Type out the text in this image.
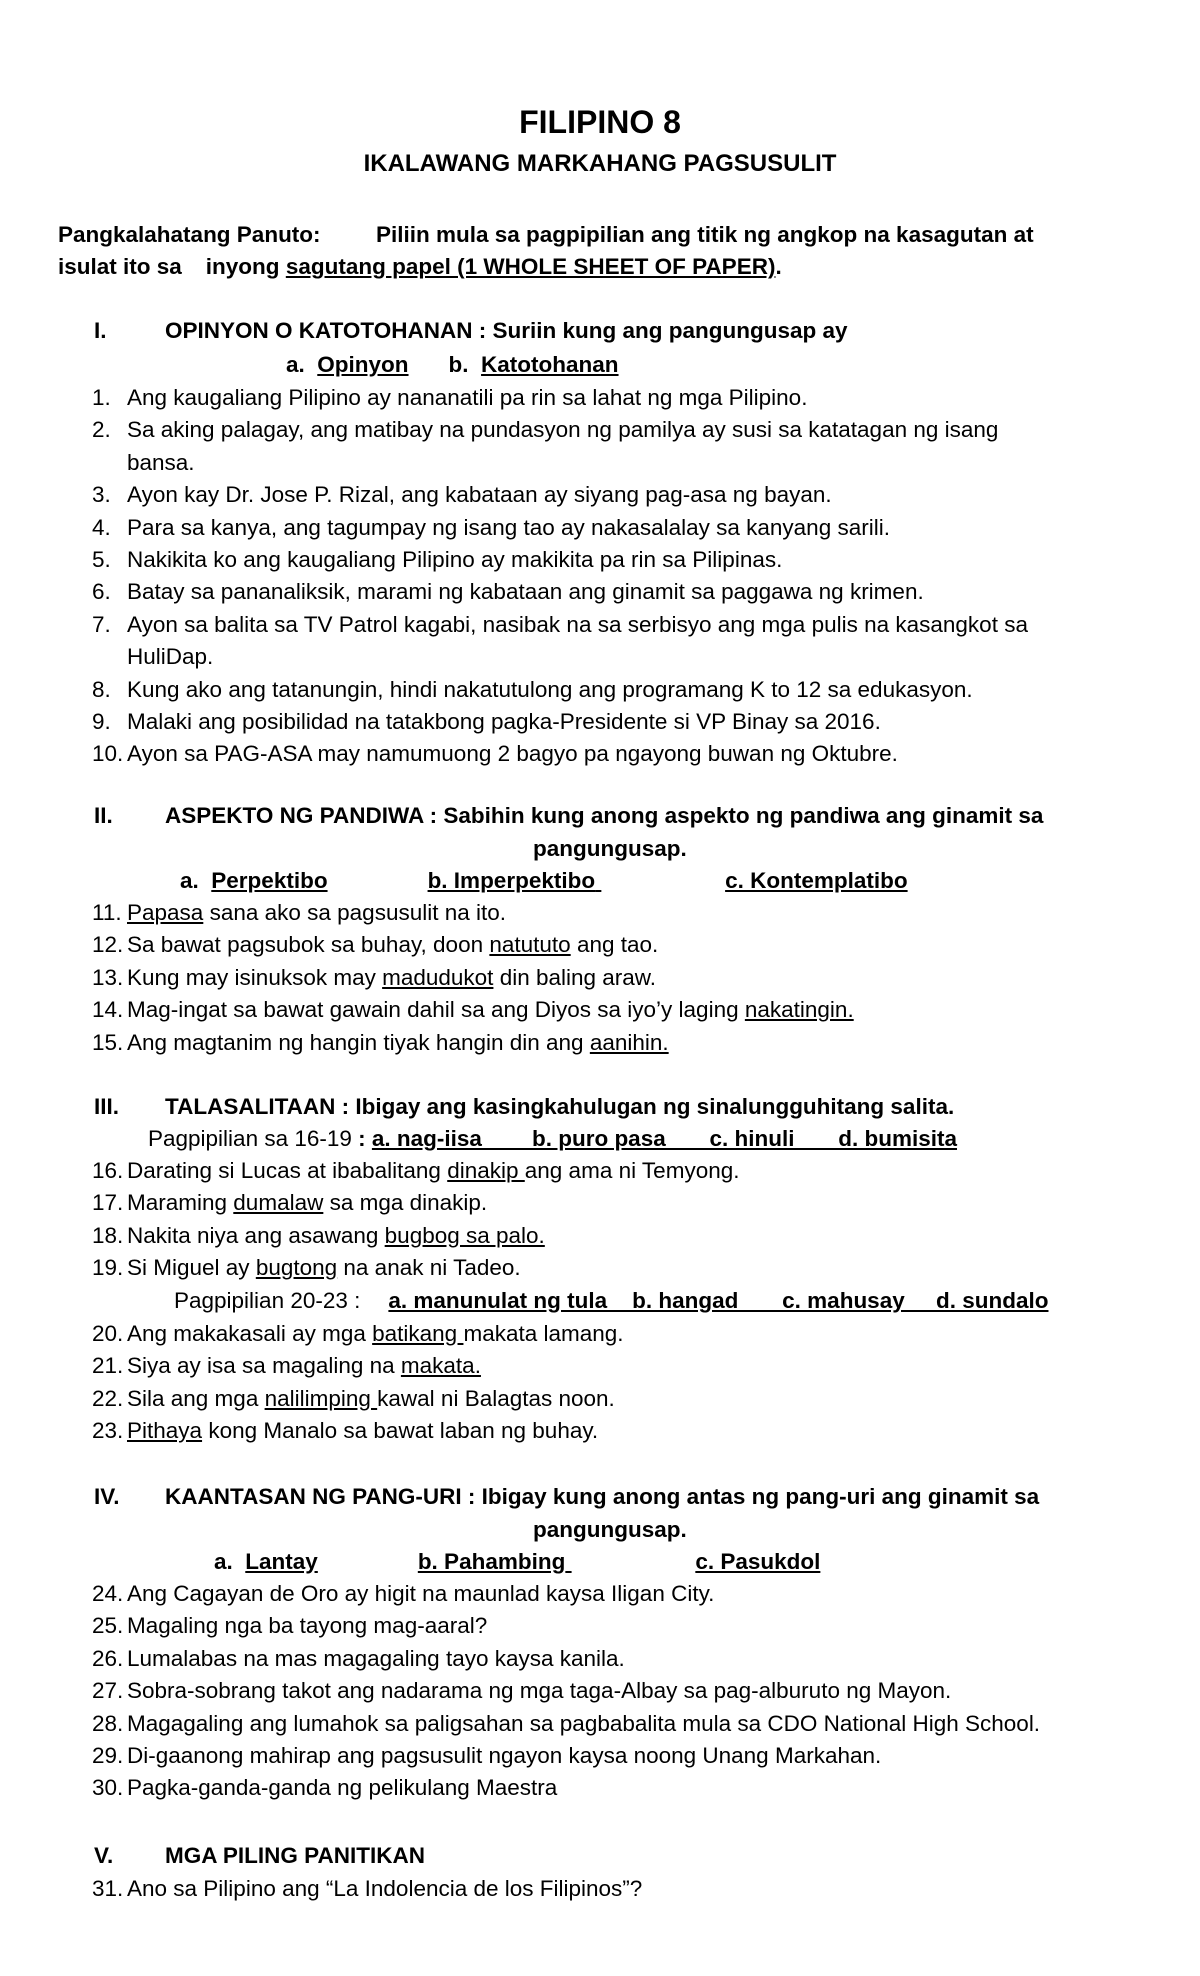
FILIPINO 8
IKALAWANG MARKAHANG PAGSUSULIT
Pangkalahatang Panuto: Piliin mula sa pagpipilian ang titik ng angkop na kasagutan at
isulat ito sa inyong sagutang papel (1 WHOLE SHEET OF PAPER).
I.	OPINYON O KATOTOHANAN : Suriin kung ang pangungusap ay
a. Opinyon b. Katotohanan
1. Ang kaugaliang Pilipino ay nananatili pa rin sa lahat ng mga Pilipino.
2. Sa aking palagay, ang matibay na pundasyon ng pamilya ay susi sa katatagan ng isang
bansa.
3. Ayon kay Dr. Jose P. Rizal, ang kabataan ay siyang pag-asa ng bayan.
4. Para sa kanya, ang tagumpay ng isang tao ay nakasalalay sa kanyang sarili.
5. Nakikita ko ang kaugaliang Pilipino ay makikita pa rin sa Pilipinas.
6. Batay sa pananaliksik, marami ng kabataan ang ginamit sa paggawa ng krimen.
7. Ayon sa balita sa TV Patrol kagabi, nasibak na sa serbisyo ang mga pulis na kasangkot sa
HuliDap.
8. Kung ako ang tatanungin, hindi nakatutulong ang programang K to 12 sa edukasyon.
9. Malaki ang posibilidad na tatakbong pagka-Presidente si VP Binay sa 2016.
10. Ayon sa PAG-ASA may namumuong 2 bagyo pa ngayong buwan ng Oktubre.
II. ASPEKTO NG PANDIWA : Sabihin kung anong aspekto ng pandiwa ang ginamit sa
pangungusap.
a. Perpektibo	b. Imperpektibo	c. Kontemplatibo
11. Papasa sana ako sa pagsusulit na ito.
12. Sa bawat pagsubok sa buhay, doon natututo ang tao.
13. Kung may isinuksok may madudukot din baling araw.
14. Mag-ingat sa bawat gawain dahil sa ang Diyos sa iyo’y laging nakatingin.
15. Ang magtanim ng hangin tiyak hangin din ang aanihin.
III. TALASALITAAN : Ibigay ang kasingkahulugan ng sinalungguhitang salita.
Pagpipilian sa 16-19 : a. nag-iisa        b. puro pasa       c. hinuli       d. bumisita
16. Darating si Lucas at ibabalitang dinakip ang ama ni Temyong.
17. Maraming dumalaw sa mga dinakip.
18. Nakita niya ang asawang bugbog sa palo.
19. Si Miguel ay bugtong na anak ni Tadeo.
Pagpipilian 20-23 : a. manunulat ng tula    b. hangad       c. mahusay     d. sundalo
20. Ang makakasali ay mga batikang makata lamang.
21. Siya ay isa sa magaling na makata.
22. Sila ang mga nalilimping kawal ni Balagtas noon.
23. Pithaya kong Manalo sa bawat laban ng buhay.
IV. KAANTASAN NG PANG-URI : Ibigay kung anong antas ng pang-uri ang ginamit sa
pangungusap.
a. Lantay	b. Pahambing	c. Pasukdol
24. Ang Cagayan de Oro ay higit na maunlad kaysa Iligan City.
25. Magaling nga ba tayong mag-aaral?
26. Lumalabas na mas magagaling tayo kaysa kanila.
27. Sobra-sobrang takot ang nadarama ng mga taga-Albay sa pag-alburuto ng Mayon.
28. Magagaling ang lumahok sa paligsahan sa pagbabalita mula sa CDO National High School.
29. Di-gaanong mahirap ang pagsusulit ngayon kaysa noong Unang Markahan.
30. Pagka-ganda-ganda ng pelikulang Maestra
V. MGA PILING PANITIKAN
31. Ano sa Pilipino ang “La Indolencia de los Filipinos”?
